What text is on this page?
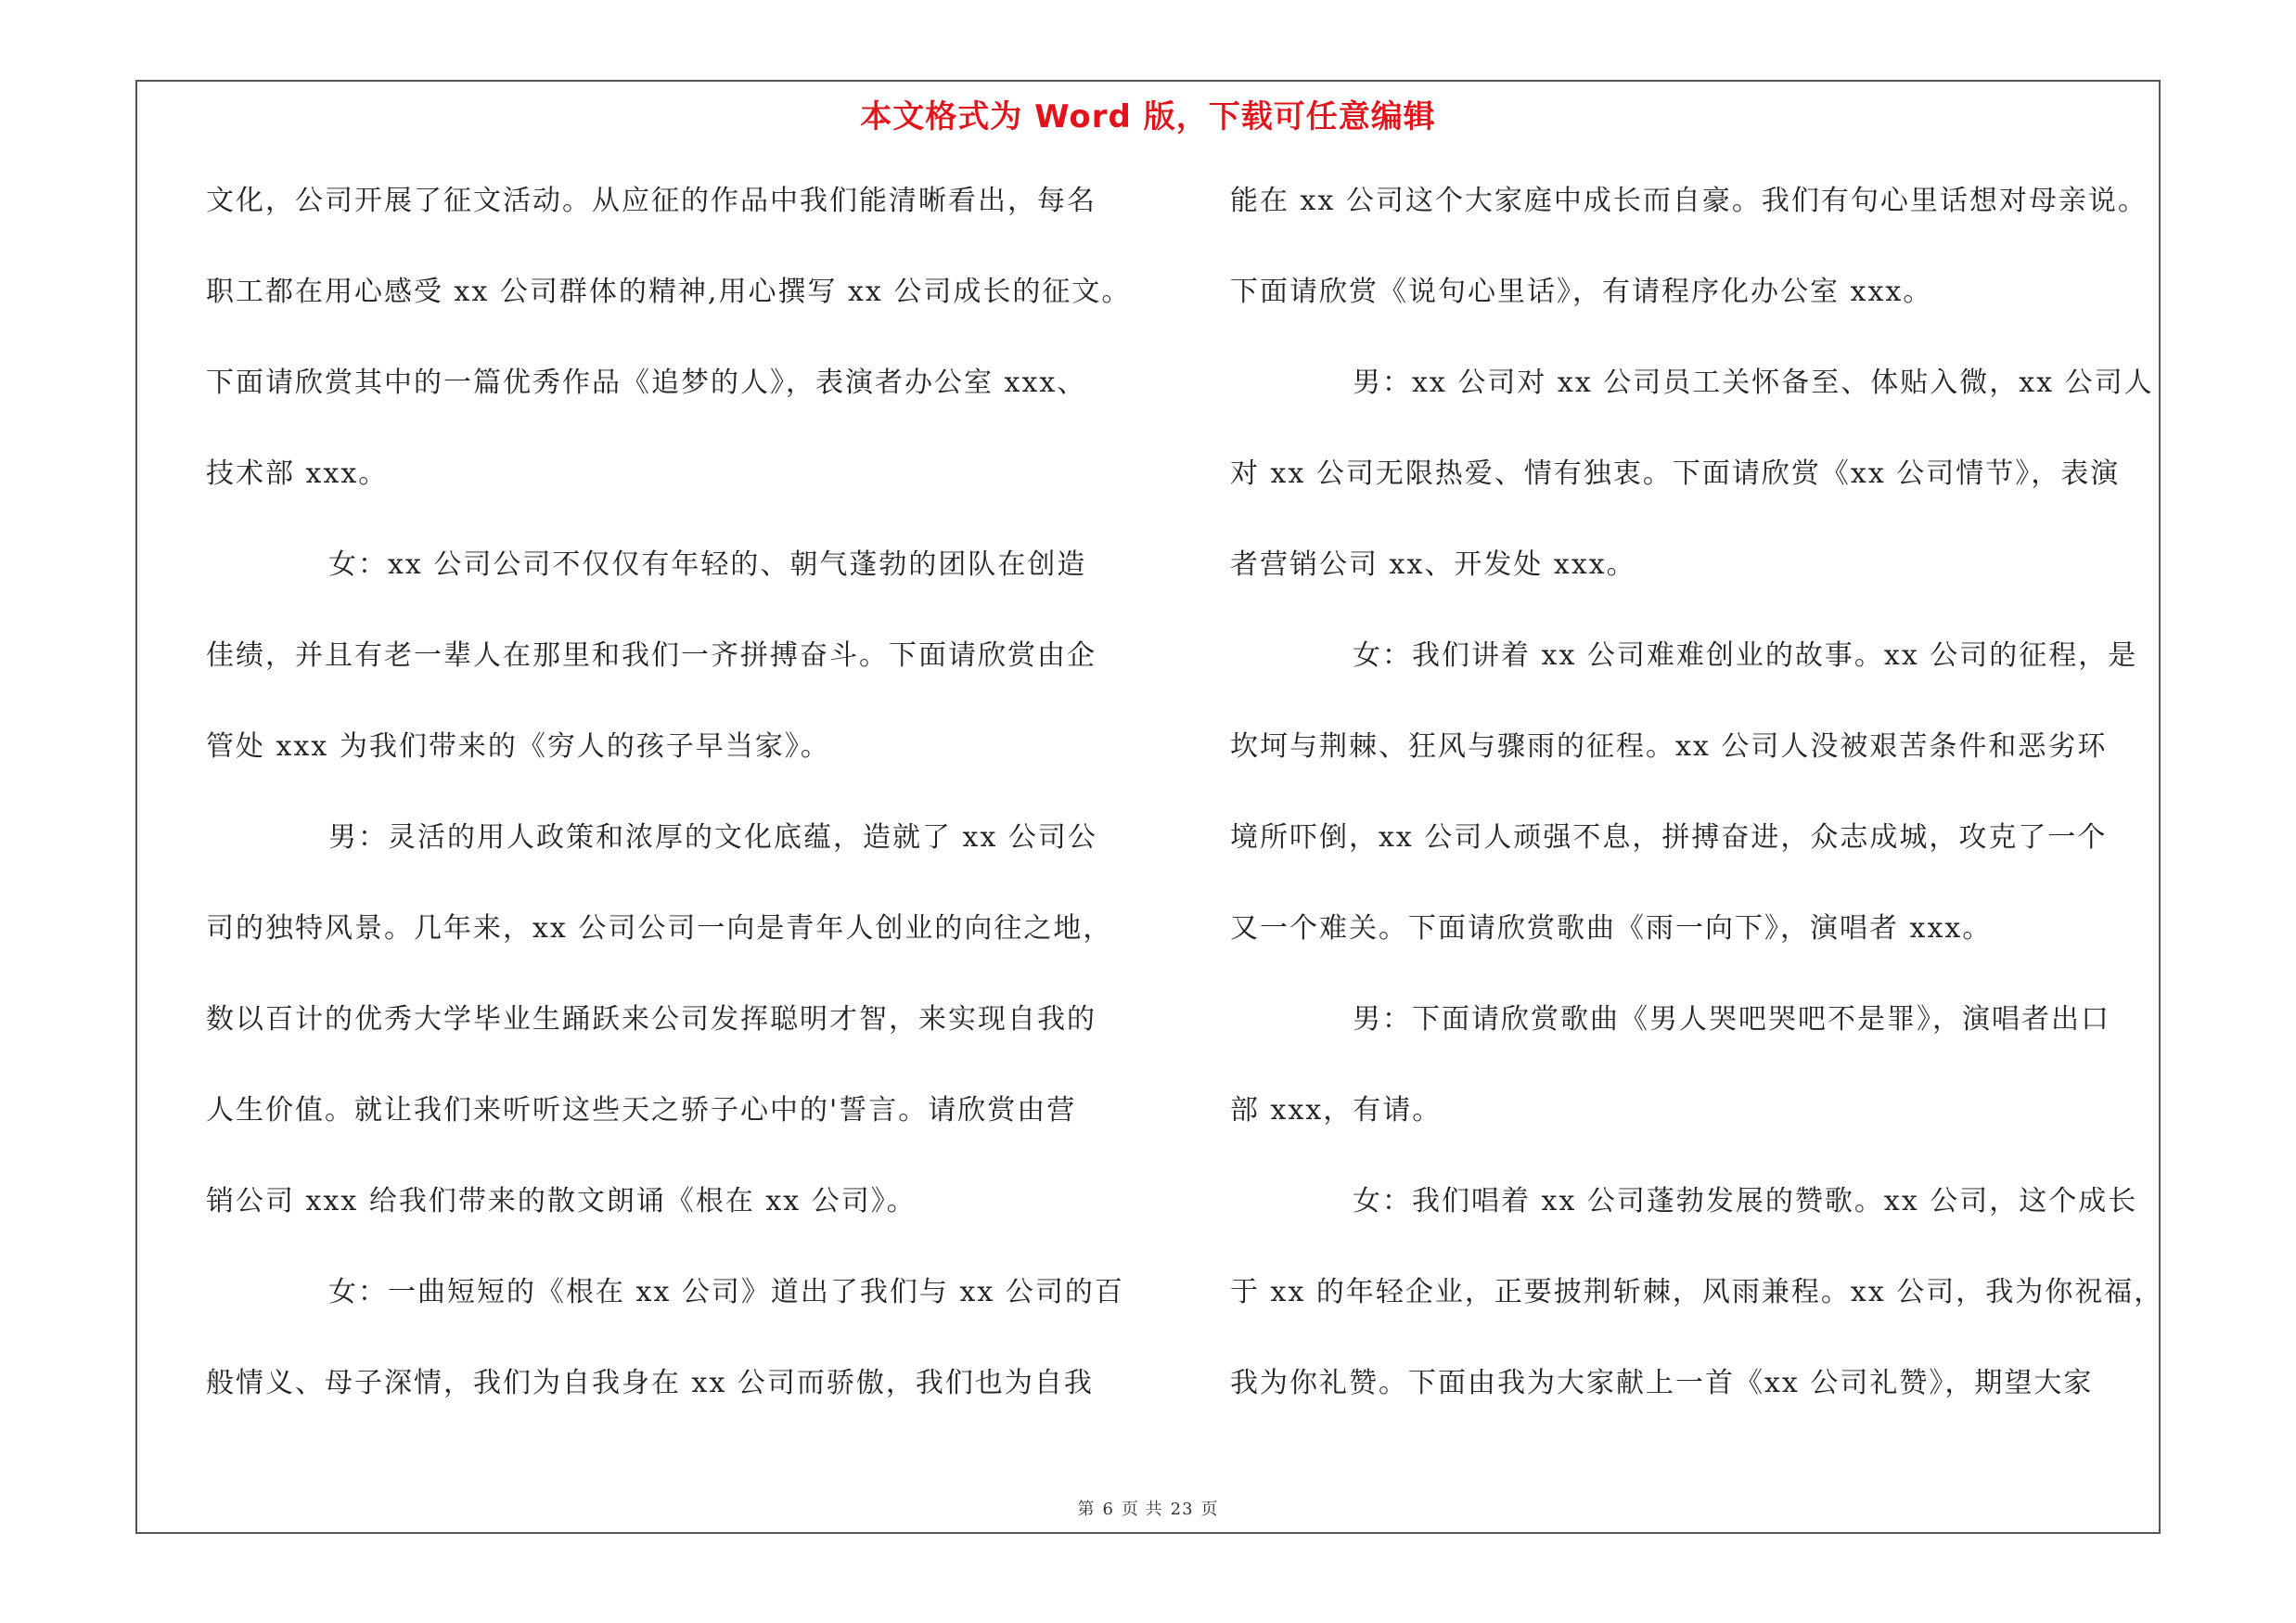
本文格式为 Word 版，下载可任意编辑
文化，公司开展了征文活动。从应征的作品中我们能清晰看出，每名
职工都在用心感受 xx 公司群体的精神,用心撰写 xx 公司成长的征文。
下面请欣赏其中的一篇优秀作品《追梦的人》，表演者办公室 xxx、
技术部 xxx。
女：xx 公司公司不仅仅有年轻的、朝气蓬勃的团队在创造
佳绩，并且有老一辈人在那里和我们一齐拼搏奋斗。下面请欣赏由企
管处 xxx 为我们带来的《穷人的孩子早当家》。
男：灵活的用人政策和浓厚的文化底蕴，造就了 xx 公司公
司的独特风景。几年来，xx 公司公司一向是青年人创业的向往之地，
数以百计的优秀大学毕业生踊跃来公司发挥聪明才智，来实现自我的
人生价值。就让我们来听听这些天之骄子心中的'誓言。请欣赏由营
销公司 xxx 给我们带来的散文朗诵《根在 xx 公司》。
女：一曲短短的《根在 xx 公司》道出了我们与 xx 公司的百
般情义、母子深情，我们为自我身在 xx 公司而骄傲，我们也为自我
能在 xx 公司这个大家庭中成长而自豪。我们有句心里话想对母亲说。
下面请欣赏《说句心里话》，有请程序化办公室 xxx。
男：xx 公司对 xx 公司员工关怀备至、体贴入微，xx 公司人
对 xx 公司无限热爱、情有独衷。下面请欣赏《xx 公司情节》，表演
者营销公司 xx、开发处 xxx。
女：我们讲着 xx 公司难难创业的故事。xx 公司的征程，是
坎坷与荆棘、狂风与骤雨的征程。xx 公司人没被艰苦条件和恶劣环
境所吓倒，xx 公司人顽强不息，拼搏奋进，众志成城，攻克了一个
又一个难关。下面请欣赏歌曲《雨一向下》，演唱者 xxx。
男：下面请欣赏歌曲《男人哭吧哭吧不是罪》，演唱者出口
部 xxx，有请。
女：我们唱着 xx 公司蓬勃发展的赞歌。xx 公司，这个成长
于 xx 的年轻企业，正要披荆斩棘，风雨兼程。xx 公司，我为你祝福，
我为你礼赞。下面由我为大家献上一首《xx 公司礼赞》，期望大家
第 6 页 共 23 页
